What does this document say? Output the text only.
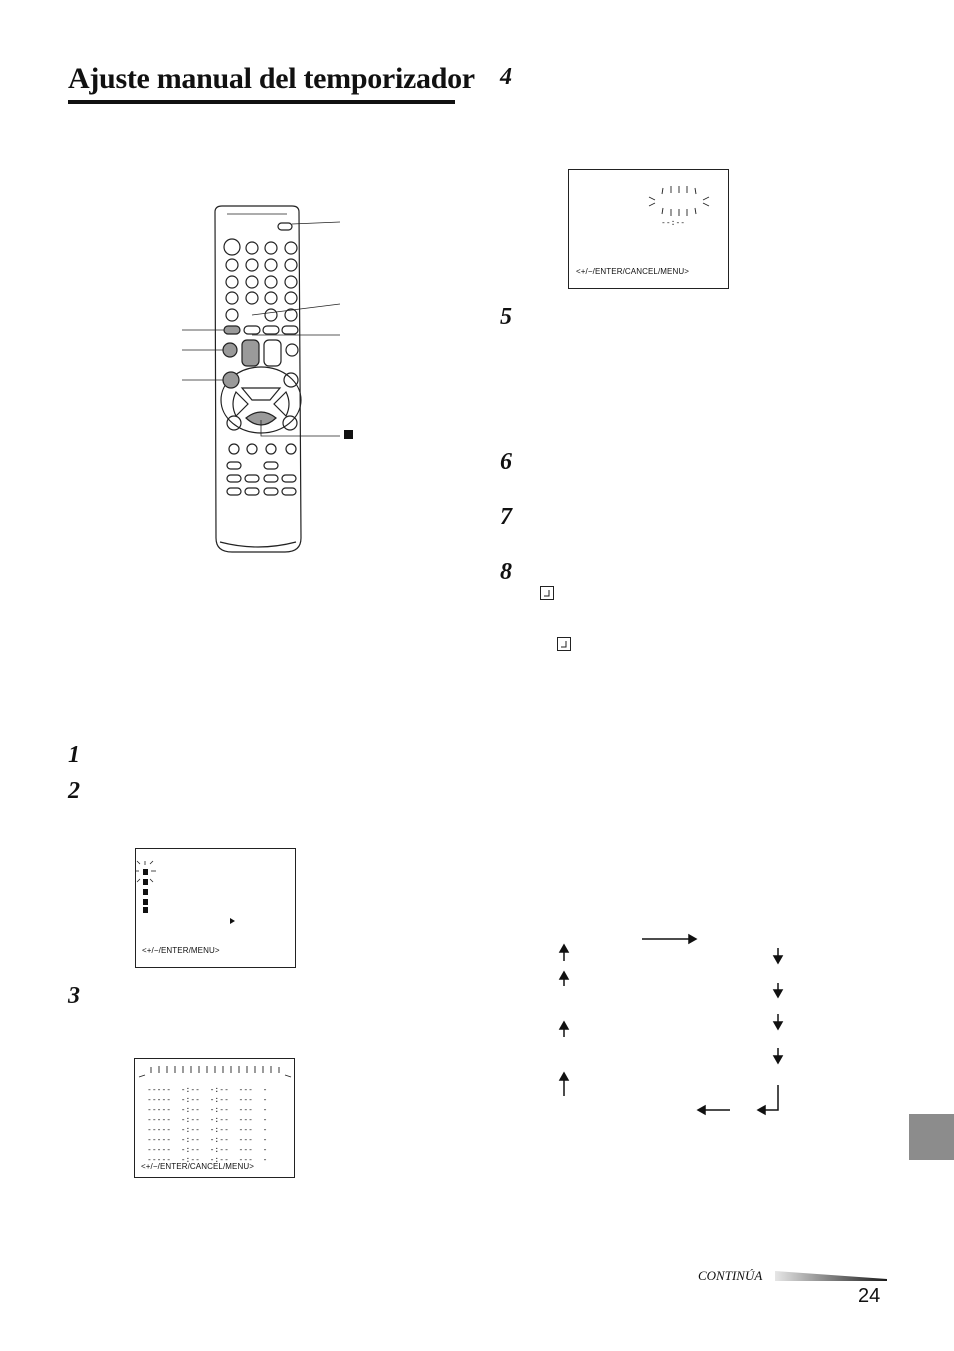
Ajuste manual del temporizador
1
2
3
4
5
6
7
8
<+/−/ENTER/MENU>
-----  -:--  -:--  ---  -
-----  -:--  -:--  ---  -
-----  -:--  -:--  ---  -
-----  -:--  -:--  ---  -
-----  -:--  -:--  ---  -
-----  -:--  -:--  ---  -
-----  -:--  -:--  ---  -
-----  -:--  -:--  ---  -
<+/−/ENTER/CANCEL/MENU>
--:--
<+/−/ENTER/CANCEL/MENU>
CONTINÚA
24
